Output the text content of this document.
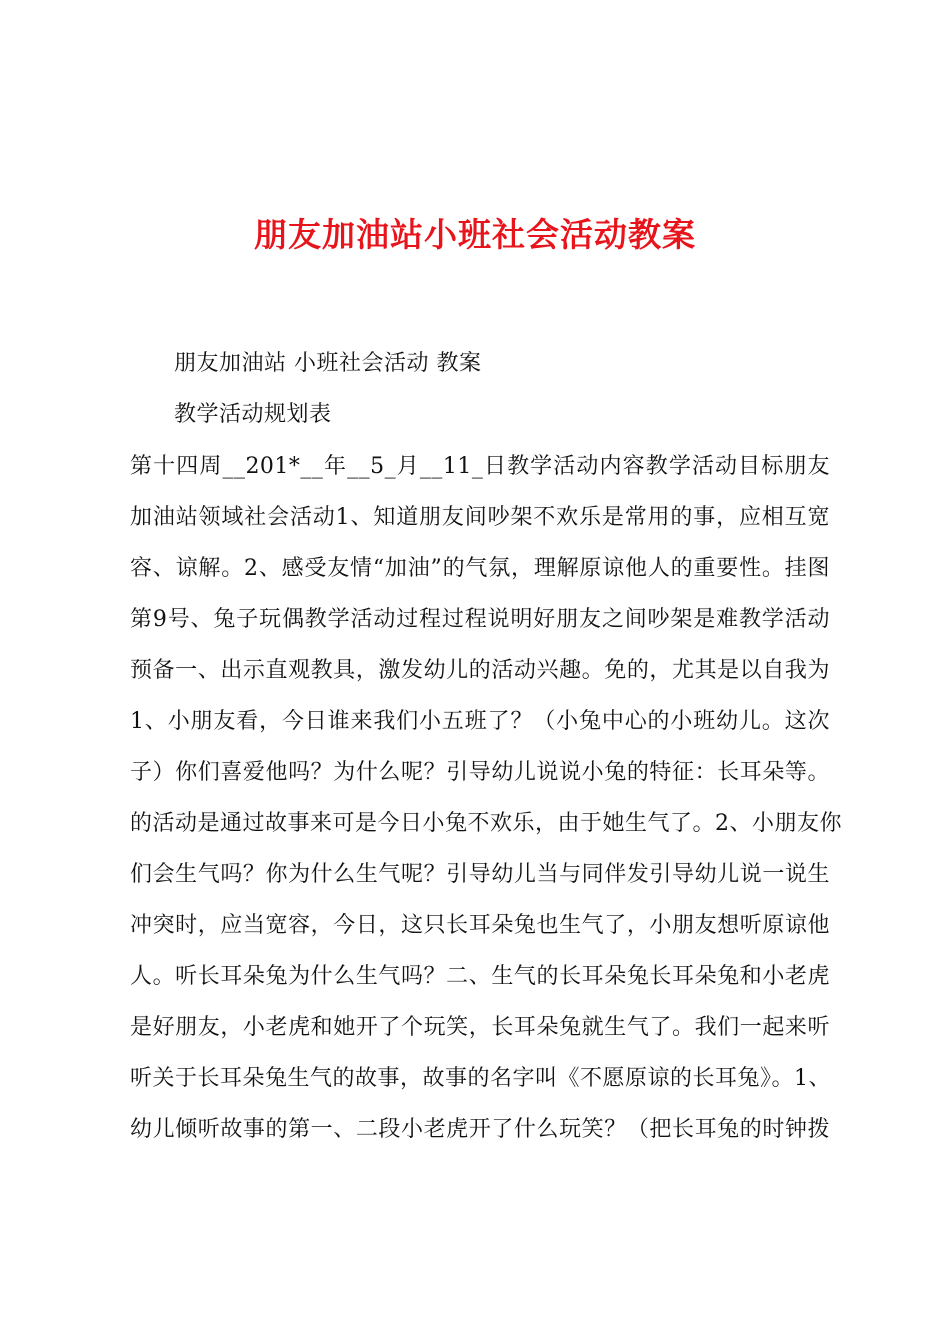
朋友加油站小班社会活动教案
朋友加油站 小班社会活动 教案
教学活动规划表
第十四周__201*__年__5_月__11_日教学活动内容教学活动目标朋友
加油站领域社会活动1、知道朋友间吵架不欢乐是常用的事，应相互宽
容、谅解。2、感受友情“加油”的气氛，理解原谅他人的重要性。挂图
第9号、兔子玩偶教学活动过程过程说明好朋友之间吵架是难教学活动
预备一、出示直观教具，激发幼儿的活动兴趣。免的，尤其是以自我为
1、小朋友看，今日谁来我们小五班了？（小兔中心的小班幼儿。这次
子）你们喜爱他吗？为什么呢？引导幼儿说说小兔的特征：长耳朵等。
的活动是通过故事来可是今日小兔不欢乐，由于她生气了。2、小朋友你
们会生气吗？你为什么生气呢？引导幼儿当与同伴发引导幼儿说一说生
冲突时，应当宽容，今日，这只长耳朵兔也生气了，小朋友想听原谅他
人。听长耳朵兔为什么生气吗？二、生气的长耳朵兔长耳朵兔和小老虎
是好朋友，小老虎和她开了个玩笑，长耳朵兔就生气了。我们一起来听
听关于长耳朵兔生气的故事，故事的名字叫《不愿原谅的长耳兔》。1、
幼儿倾听故事的第一、二段小老虎开了什么玩笑？（把长耳兔的时钟拨
